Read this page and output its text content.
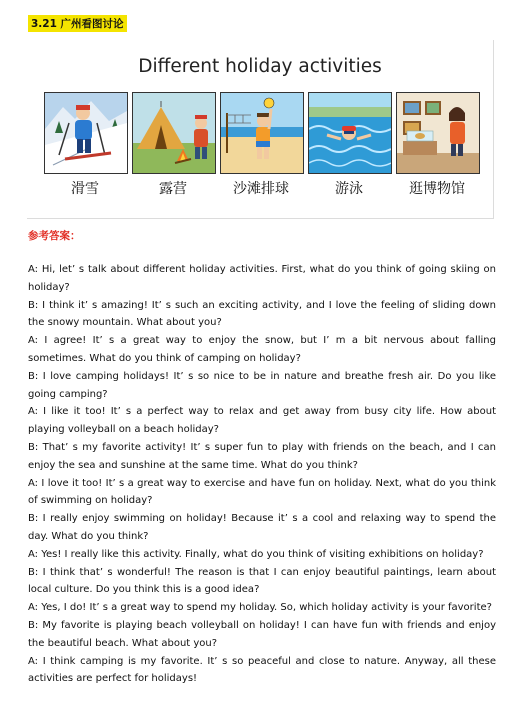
3.21 广州看图讨论
Different holiday activities
滑雪	露营	沙滩排球	游泳	逛博物馆
参考答案：

A: Hi, let’ s talk about different holiday activities. First, what do you think of going skiing on holiday?

B: I think it’ s amazing! It’ s such an exciting activity, and I love the feeling of sliding down the snowy mountain. What about you?

A: I agree! It’ s a great way to enjoy the snow, but I’ m a bit nervous about falling sometimes. What do you think of camping on holiday?

B: I love camping holidays! It’ s so nice to be in nature and breathe fresh air. Do you like going camping?

A: I like it too! It’ s a perfect way to relax and get away from busy city life. How about playing volleyball on a beach holiday?

B: That’ s my favorite activity! It’ s super fun to play with friends on the beach, and I can enjoy the sea and sunshine at the same time. What do you think?

A: I love it too! It’ s a great way to exercise and have fun on holiday. Next, what do you think of swimming on holiday?

B: I really enjoy swimming on holiday! Because it’ s a cool and relaxing way to spend the day. What do you think?

A: Yes! I really like this activity. Finally, what do you think of visiting exhibitions on holiday?

B: I think that’ s wonderful! The reason is that I can enjoy beautiful paintings, learn about local culture. Do you think this is a good idea?

A: Yes, I do! It’ s a great way to spend my holiday. So, which holiday activity is your favorite?

B: My favorite is playing beach volleyball on holiday! I can have fun with friends and enjoy the beautiful beach. What about you?

A: I think camping is my favorite. It’ s so peaceful and close to nature. Anyway, all these activities are perfect for holidays!
